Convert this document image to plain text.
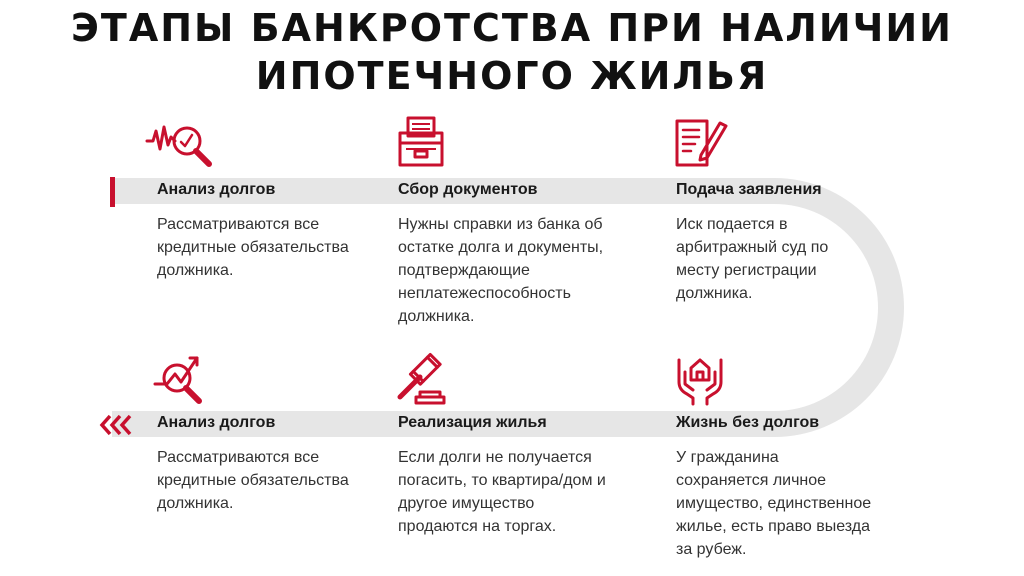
ЭТАПЫ БАНКРОТСТВА ПРИ НАЛИЧИИ
ИПОТЕЧНОГО ЖИЛЬЯ
Анализ долгов
Рассматриваются все
кредитные обязательства
должника.
Сбор документов
Нужны справки из банка об
остатке долга и документы,
подтверждающие
неплатежеспособность
должника.
Подача заявления
Иск подается в
арбитражный суд по
месту регистрации
должника.
Анализ долгов
Рассматриваются все
кредитные обязательства
должника.
Реализация жилья
Если долги не получается
погасить, то квартира/дом и
другое имущество
продаются на торгах.
Жизнь без долгов
У гражданина
сохраняется личное
имущество, единственное
жилье, есть право выезда
за рубеж.
